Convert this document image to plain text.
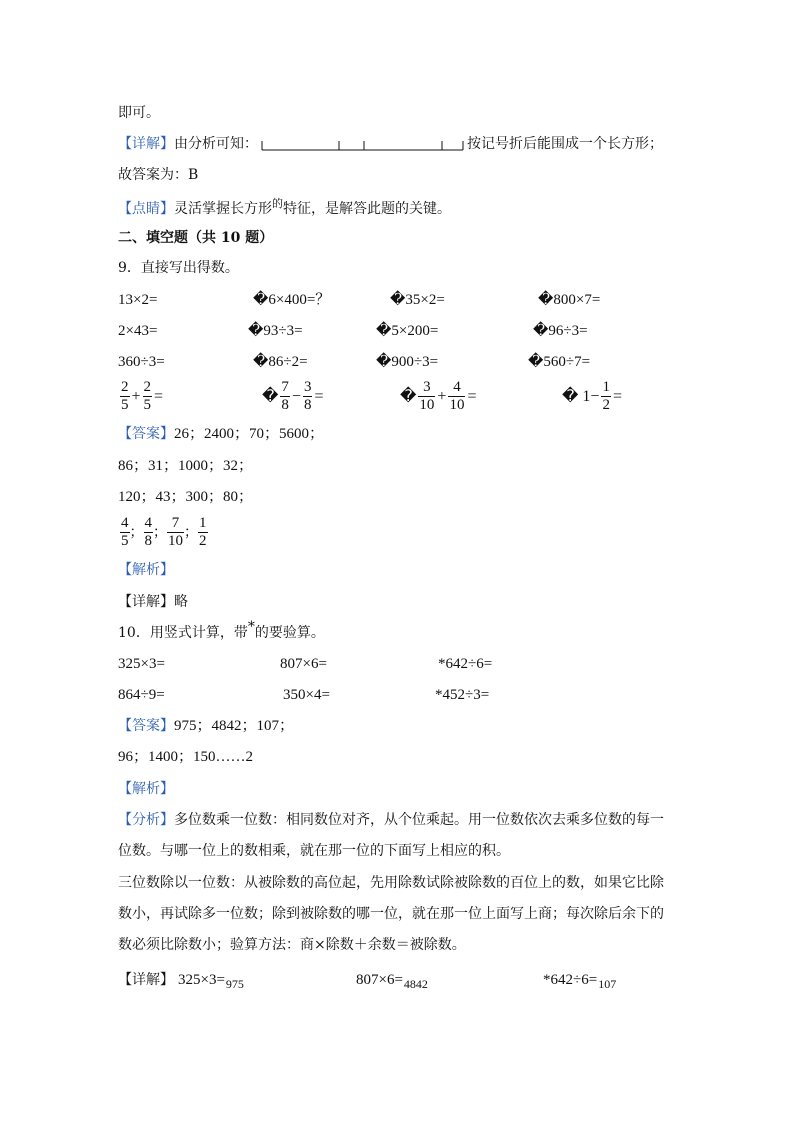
即可。
【详解】由分析可知：	按记号折后能围成一个长方形；
故答案为：B
【点睛】灵活掌握长方形$^的$特征，是解答此题的关键。
二、填空题（共 10 题）
9．直接写出得数。
13×2=	�6×400=？	�35×2=	�800×7=
2×43=	�93÷3=	�5×200=	�96÷3=
360÷3=	�86÷2=	�900÷3=	�560÷7=
$\frac{2}{5} + \frac{2}{5}$ =	� $\frac{7}{8} - \frac{3}{8}$ =	� $\frac{3}{10} + \frac{4}{10}$ =	� $1- \frac{1}{2}$ =
【答案】26；2400；70；5600；
86；31；1000；32；
120；43；300；80；
$\frac{4}{5}$ ； $\frac{4}{8}$ ； $\frac{7}{10}$ ； $\frac{1}{2}$
【解析】
【详解】略
10．用竖式计算，带*的要验算。
325×3=	807×6=	*642÷6=
864÷9=	350×4=	*452÷3=
【答案】975；4842；107；
96；1400；150……2
【解析】
【分析】多位数乘一位数：相同数位对齐，从个位乘起。用一位数依次去乘多位数的每一
位数。与哪一位上的数相乘，就在那一位的下面写上相应的积。
三位数除以一位数：从被除数的高位起，先用除数试除被除数的百位上的数，如果它比除
数小，再试除多一位数；除到被除数的哪一位，就在那一位上面写上商；每次除后余下的
数必须比除数小；验算方法：商×除数＋余数＝被除数。
【详解】 $325\times 3=_{975}$	$807\times 6=_{4842}$	$*642\div 6=_{107}$
